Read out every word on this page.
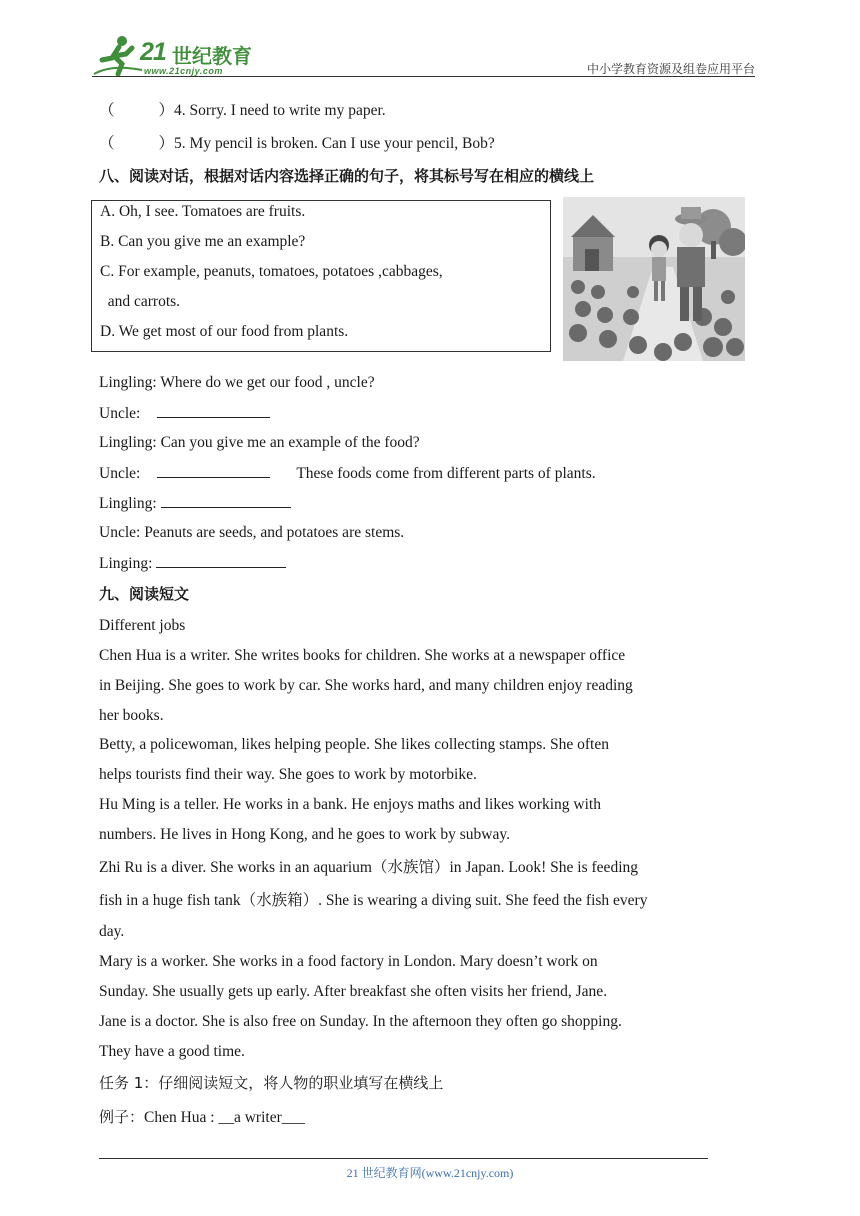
21 世纪教育
www.21cnjy.com	中小学教育资源及组卷应用平台
（	）4. Sorry. I need to write my paper.
（	）5. My pencil is broken. Can I use your pencil, Bob?
八、阅读对话，根据对话内容选择正确的句子，将其标号写在相应的横线上
A. Oh, I see. Tomatoes are fruits.
B. Can you give me an example?
C. For example, peanuts, tomatoes, potatoes ,cabbages,
and carrots.
D. We get most of our food from plants.
Lingling: Where do we get our food , uncle?
Uncle:
Lingling: Can you give me an example of the food?
Uncle:	These foods come from different parts of plants.
Lingling:
Uncle: Peanuts are seeds, and potatoes are stems.
Linging:
九、阅读短文
Different jobs
Chen Hua is a writer. She writes books for children. She works at a newspaper office
in Beijing. She goes to work by car. She works hard, and many children enjoy reading
her books.
Betty, a policewoman, likes helping people. She likes collecting stamps. She often
helps tourists find their way. She goes to work by motorbike.
Hu Ming is a teller. He works in a bank. He enjoys maths and likes working with
numbers. He lives in Hong Kong, and he goes to work by subway.
Zhi Ru is a diver. She works in an aquarium（水族馆）in Japan. Look! She is feeding
fish in a huge fish tank（水族箱）. She is wearing a diving suit. She feed the fish every
day.
Mary is a worker. She works in a food factory in London. Mary doesn’t work on
Sunday. She usually gets up early. After breakfast she often visits her friend, Jane.
Jane is a doctor. She is also free on Sunday. In the afternoon they often go shopping.
They have a good time.
任务 1：仔细阅读短文，将人物的职业填写在横线上
例子：Chen Hua : __a writer___
21 世纪教育网(www.21cnjy.com)
